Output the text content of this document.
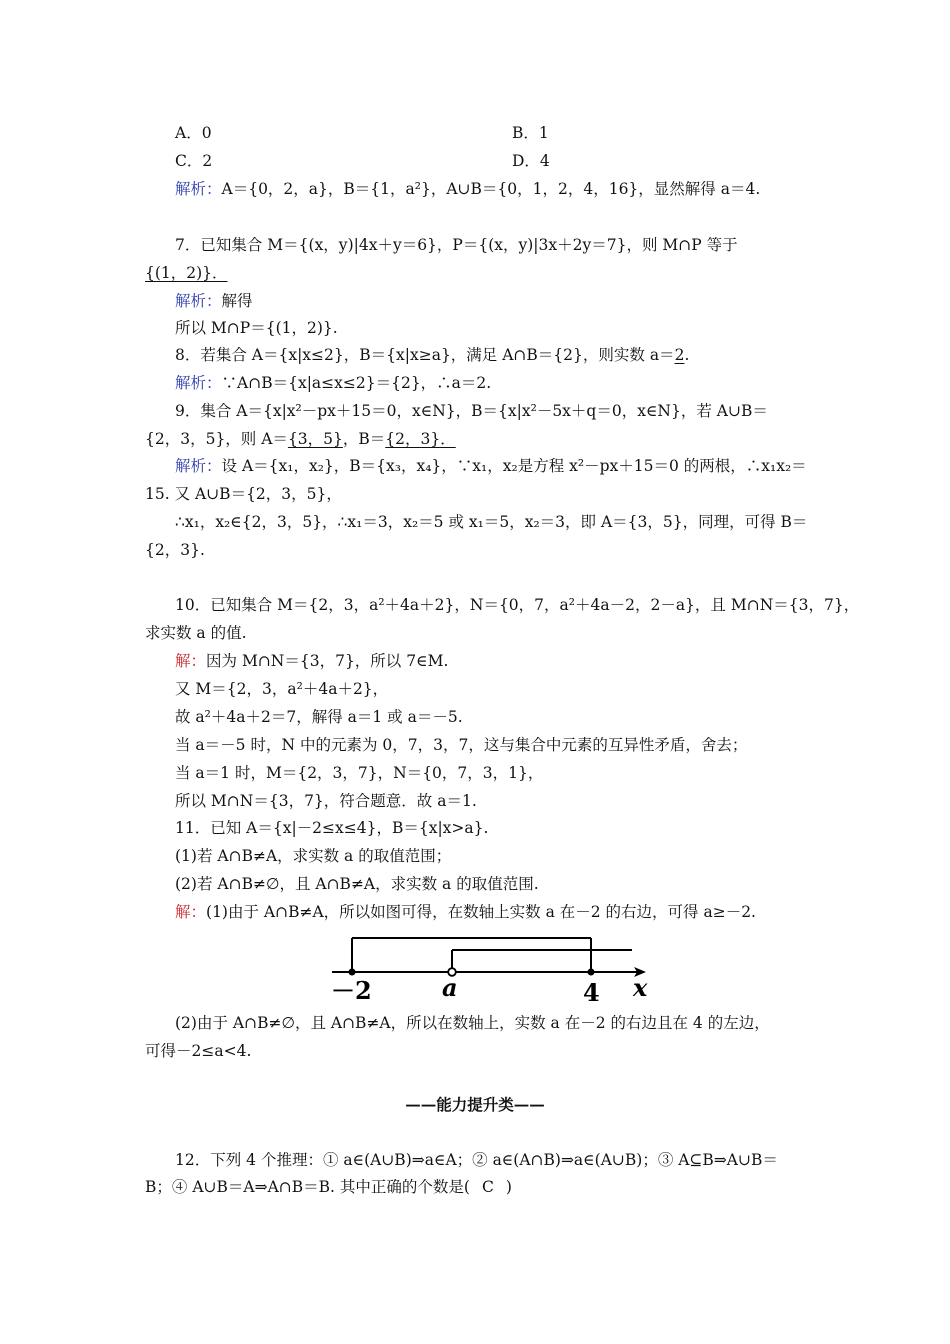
A．0	B．1
C．2	D．4
解析：A＝{0，2，a}，B＝{1，a²}，A∪B＝{0，1，2，4，16}，显然解得 a＝4.
7．已知集合 M＝{(x，y)|4x＋y＝6}，P＝{(x，y)|3x＋2y＝7}，则 M∩P 等于
{(1，2)}．
解析：解得
所以 M∩P＝{(1，2)}.
8．若集合 A＝{x|x≤2}，B＝{x|x≥a}，满足 A∩B＝{2}，则实数 a＝2.
解析：∵A∩B＝{x|a≤x≤2}＝{2}，∴a＝2.
9．集合 A＝{x|x²－px＋15＝0，x∈N}，B＝{x|x²－5x＋q＝0，x∈N}，若 A∪B＝
{2，3，5}，则 A＝{3，5}，B＝{2，3}．
解析：设 A＝{x₁，x₂}，B＝{x₃，x₄}，∵x₁，x₂是方程 x²－px＋15＝0 的两根，∴x₁x₂＝
15. 又 A∪B＝{2，3，5}，
∴x₁，x₂∈{2，3，5}，∴x₁＝3，x₂＝5 或 x₁＝5，x₂＝3，即 A＝{3，5}，同理，可得 B＝
{2，3}.
10．已知集合 M＝{2，3，a²＋4a＋2}，N＝{0，7，a²＋4a－2，2－a}，且 M∩N＝{3，7}，
求实数 a 的值.
解：因为 M∩N＝{3，7}，所以 7∈M.
又 M＝{2，3，a²＋4a＋2}，
故 a²＋4a＋2＝7，解得 a＝1 或 a＝－5.
当 a＝－5 时，N 中的元素为 0，7，3，7，这与集合中元素的互异性矛盾，舍去；
当 a＝1 时，M＝{2，3，7}，N＝{0，7，3，1}，
所以 M∩N＝{3，7}，符合题意．故 a＝1.
11．已知 A＝{x|－2≤x≤4}，B＝{x|x>a}.
(1)若 A∩B≠A，求实数 a 的取值范围；
(2)若 A∩B≠∅，且 A∩B≠A，求实数 a 的取值范围.
解：(1)由于 A∩B≠A，所以如图可得，在数轴上实数 a 在－2 的右边，可得 a≥－2.
－2	a	4 x
(2)由于 A∩B≠∅，且 A∩B≠A，所以在数轴上，实数 a 在－2 的右边且在 4 的左边，
可得－2≤a<4.
——能力提升类——
12．下列 4 个推理：① a∈(A∪B)⇒a∈A；② a∈(A∩B)⇒a∈(A∪B)；③ A⊆B⇒A∪B＝
B；④ A∪B＝A⇒A∩B＝B. 其中正确的个数是( C )
